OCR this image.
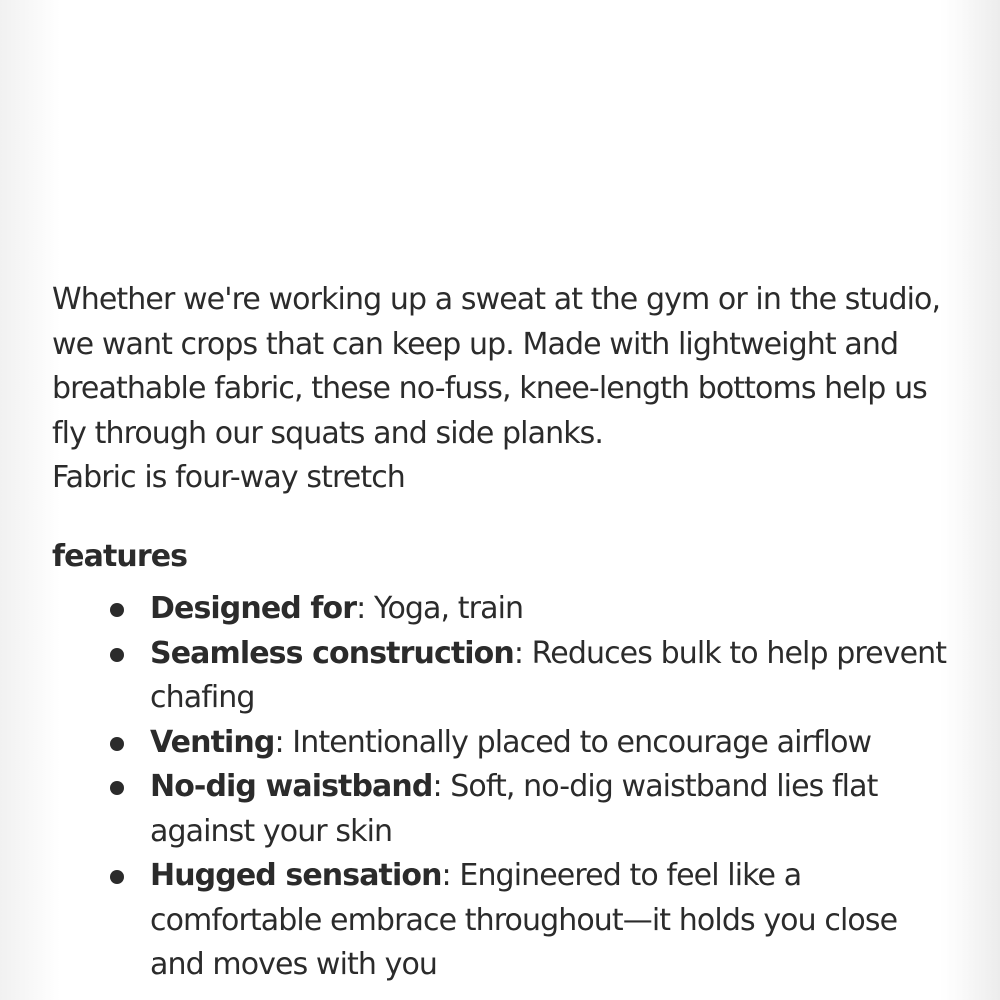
Whether we're working up a sweat at the gym or in the studio,

we want crops that can keep up. Made with lightweight and

breathable fabric, these no-fuss, knee-length bottoms help us

fly through our squats and side planks.

Fabric is four-way stretch

features
Designed for: Yoga, train
Seamless construction: Reduces bulk to help prevent chafing
Venting: Intentionally placed to encourage airflow
No-dig waistband: Soft, no-dig waistband lies flat against your skin
Hugged sensation: Engineered to feel like a comfortable embrace throughout—it holds you close and moves with you
